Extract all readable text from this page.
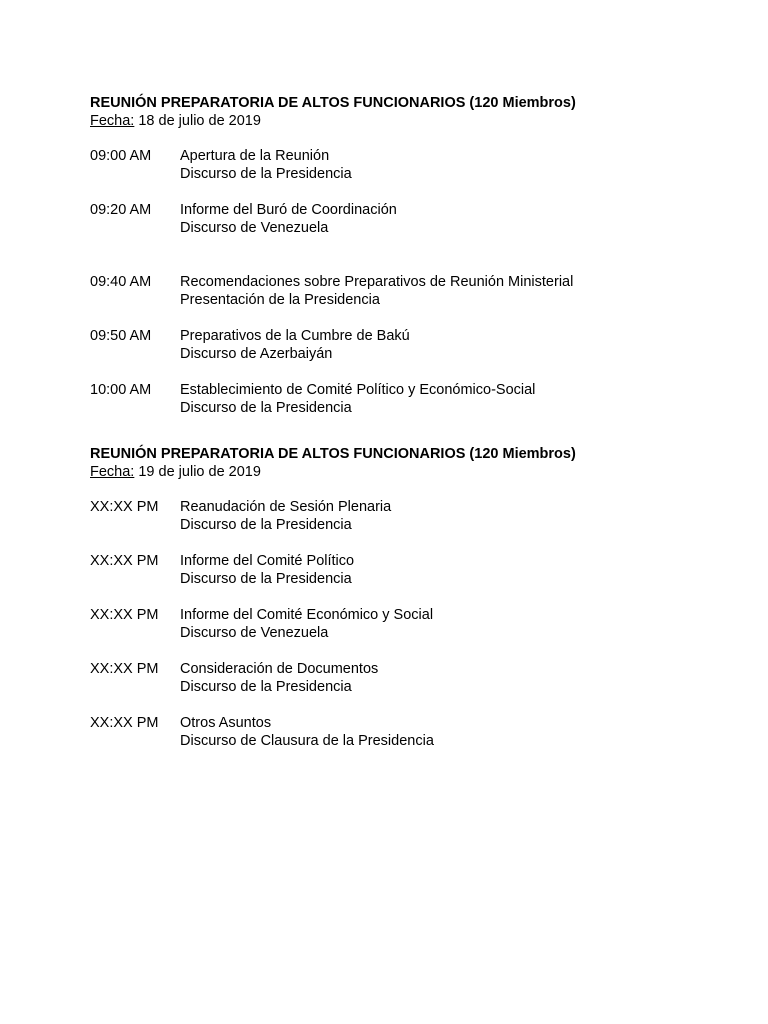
REUNIÓN PREPARATORIA DE ALTOS FUNCIONARIOS (120 Miembros)
Fecha: 18 de julio de 2019
09:00 AM	Apertura de la Reunión
Discurso de la Presidencia
09:20 AM	Informe del Buró de Coordinación
Discurso de Venezuela
09:40 AM	Recomendaciones sobre Preparativos de Reunión Ministerial
Presentación de la Presidencia
09:50 AM	Preparativos de la Cumbre de Bakú
Discurso de Azerbaiyán
10:00 AM	Establecimiento de Comité Político y Económico-Social
Discurso de la Presidencia
REUNIÓN PREPARATORIA DE ALTOS FUNCIONARIOS (120 Miembros)
Fecha: 19 de julio de 2019
XX:XX PM	Reanudación de Sesión Plenaria
Discurso de la Presidencia
XX:XX PM	Informe del Comité Político
Discurso de la Presidencia
XX:XX PM	Informe del Comité Económico y Social
Discurso de Venezuela
XX:XX PM	Consideración de Documentos
Discurso de la Presidencia
XX:XX PM	Otros Asuntos
Discurso de Clausura de la Presidencia
